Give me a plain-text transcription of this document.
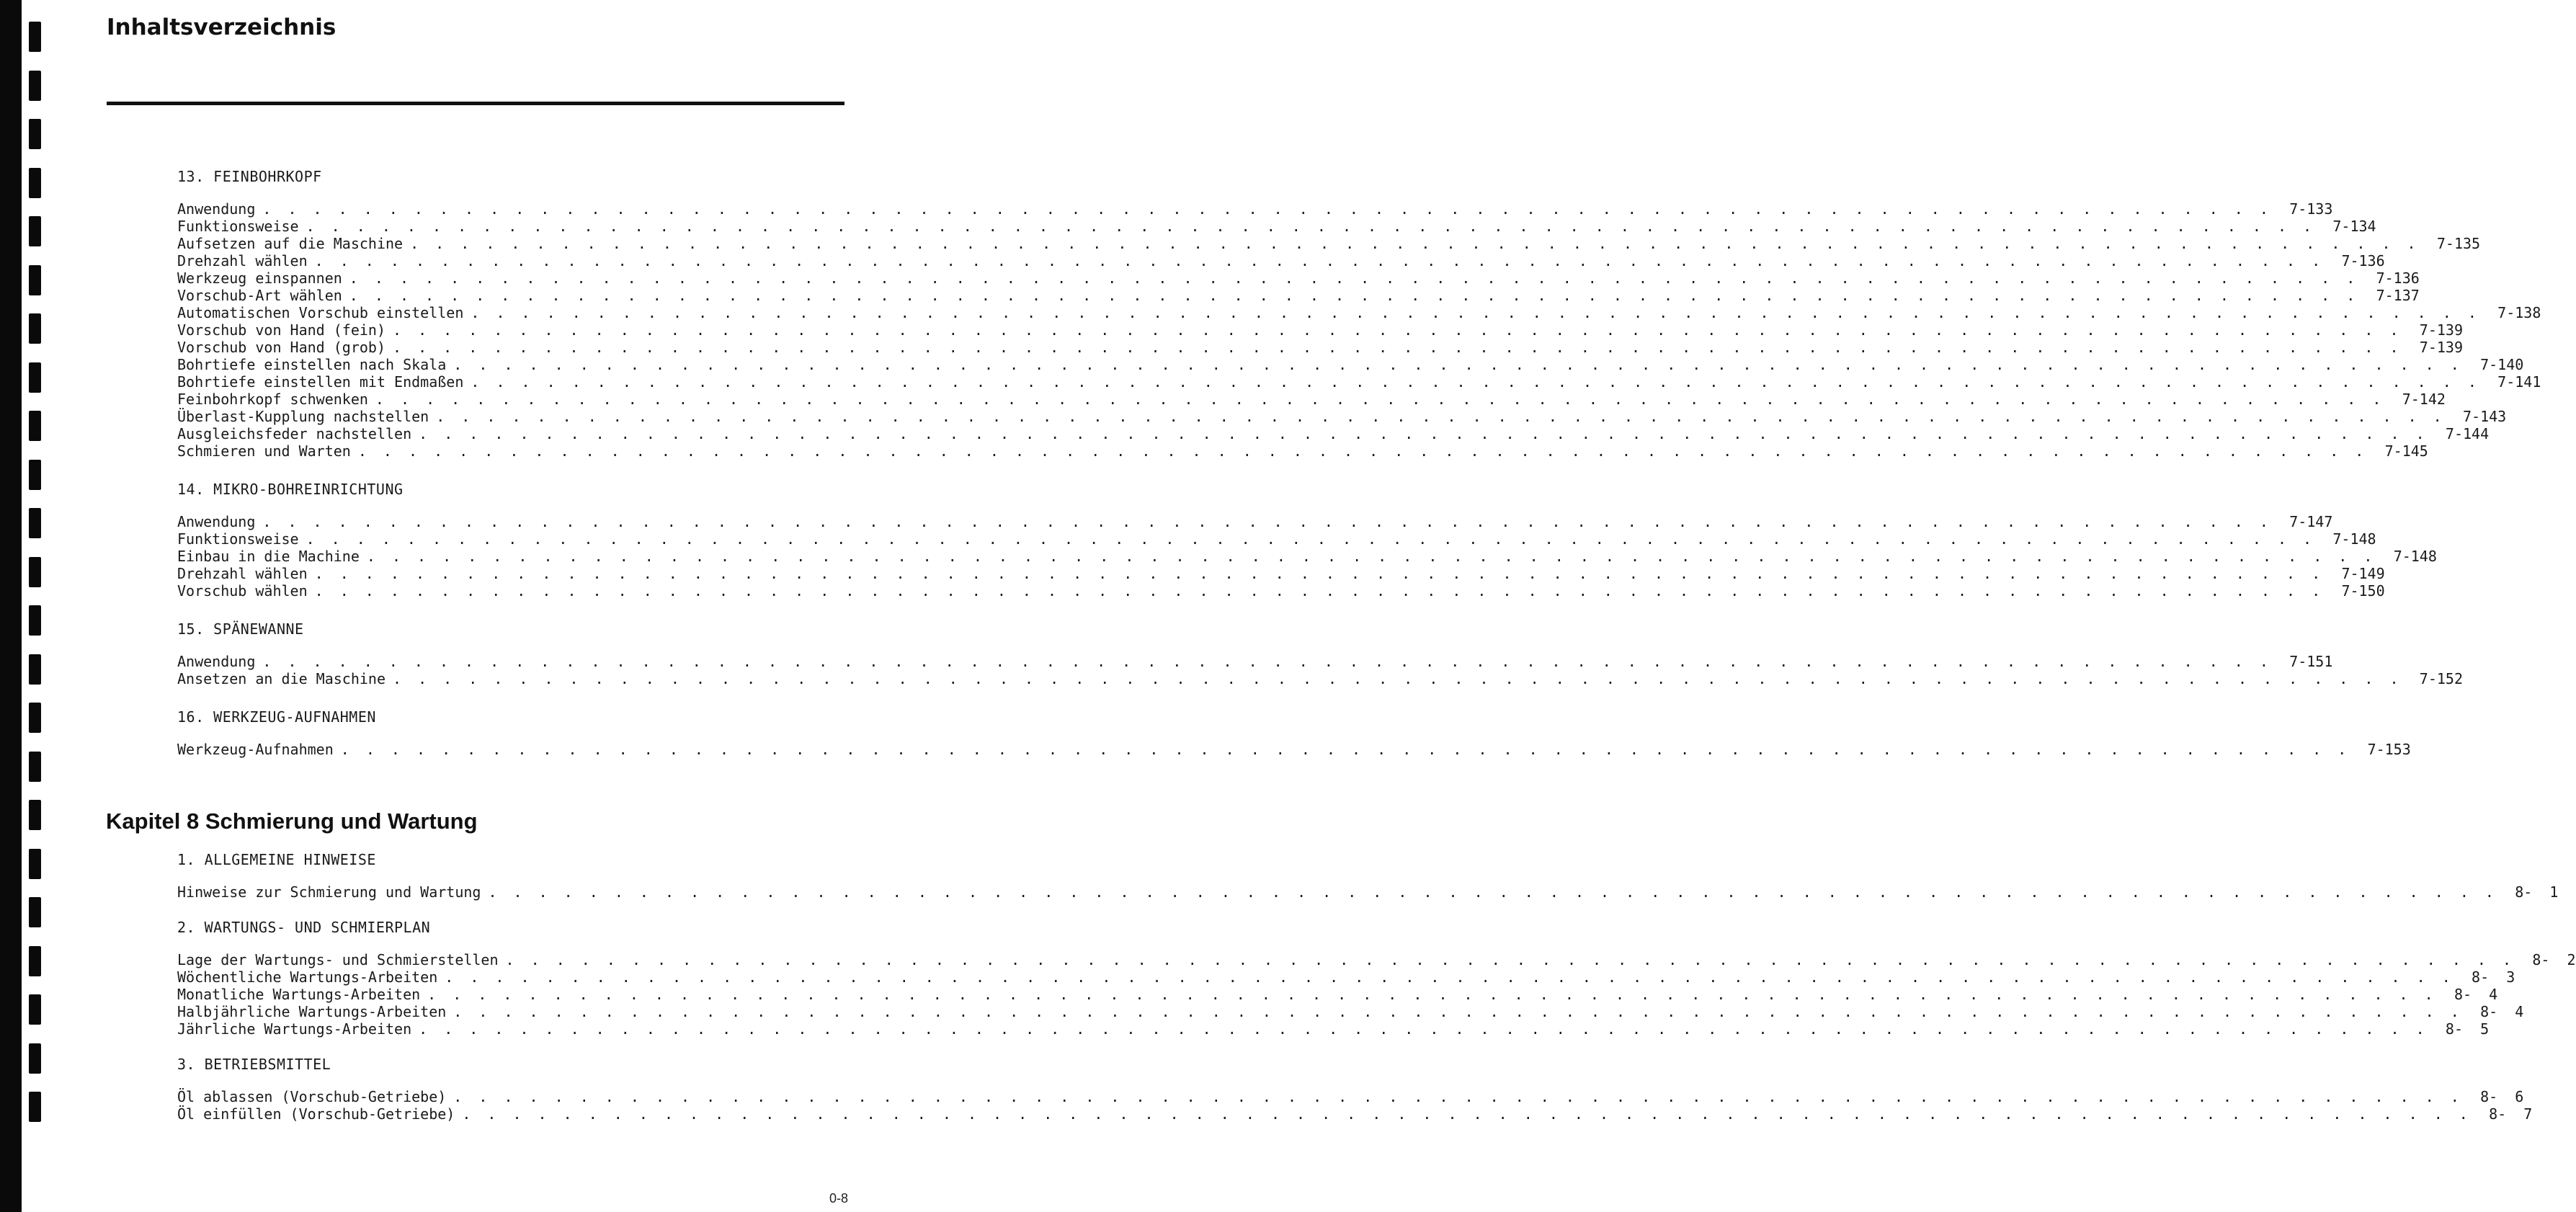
Inhaltsverzeichnis
13. FEINBOHRKOPF
Anwendung . . . . . . . . . . . . . . . . . . . . . . . . . . . . . . . . . . . . . . . . . . . . . . . . . . . . . . . . . . . . . . . . . . . . . . . . . . . . . . . .	7-133
Funktionsweise . . . . . . . . . . . . . . . . . . . . . . . . . . . . . . . . . . . . . . . . . . . . . . . . . . . . . . . . . . . . . . . . . . . . . . . . . . . . . . . .	7-134
Aufsetzen auf die Maschine . . . . . . . . . . . . . . . . . . . . . . . . . . . . . . . . . . . . . . . . . . . . . . . . . . . . . . . . . . . . . . . . . . . . . . . . . . . . . . . .	7-135
Drehzahl wählen . . . . . . . . . . . . . . . . . . . . . . . . . . . . . . . . . . . . . . . . . . . . . . . . . . . . . . . . . . . . . . . . . . . . . . . . . . . . . . . .	7-136
Werkzeug einspannen . . . . . . . . . . . . . . . . . . . . . . . . . . . . . . . . . . . . . . . . . . . . . . . . . . . . . . . . . . . . . . . . . . . . . . . . . . . . . . . .	7-136
Vorschub-Art wählen . . . . . . . . . . . . . . . . . . . . . . . . . . . . . . . . . . . . . . . . . . . . . . . . . . . . . . . . . . . . . . . . . . . . . . . . . . . . . . . .	7-137
Automatischen Vorschub einstellen . . . . . . . . . . . . . . . . . . . . . . . . . . . . . . . . . . . . . . . . . . . . . . . . . . . . . . . . . . . . . . . . . . . . . . . . . . . . . . . .	7-138
Vorschub von Hand (fein) . . . . . . . . . . . . . . . . . . . . . . . . . . . . . . . . . . . . . . . . . . . . . . . . . . . . . . . . . . . . . . . . . . . . . . . . . . . . . . . .	7-139
Vorschub von Hand (grob) . . . . . . . . . . . . . . . . . . . . . . . . . . . . . . . . . . . . . . . . . . . . . . . . . . . . . . . . . . . . . . . . . . . . . . . . . . . . . . . .	7-139
Bohrtiefe einstellen nach Skala . . . . . . . . . . . . . . . . . . . . . . . . . . . . . . . . . . . . . . . . . . . . . . . . . . . . . . . . . . . . . . . . . . . . . . . . . . . . . . . .	7-140
Bohrtiefe einstellen mit Endmaßen . . . . . . . . . . . . . . . . . . . . . . . . . . . . . . . . . . . . . . . . . . . . . . . . . . . . . . . . . . . . . . . . . . . . . . . . . . . . . . . .	7-141
Feinbohrkopf schwenken . . . . . . . . . . . . . . . . . . . . . . . . . . . . . . . . . . . . . . . . . . . . . . . . . . . . . . . . . . . . . . . . . . . . . . . . . . . . . . . .	7-142
Überlast-Kupplung nachstellen . . . . . . . . . . . . . . . . . . . . . . . . . . . . . . . . . . . . . . . . . . . . . . . . . . . . . . . . . . . . . . . . . . . . . . . . . . . . . . . .	7-143
Ausgleichsfeder nachstellen . . . . . . . . . . . . . . . . . . . . . . . . . . . . . . . . . . . . . . . . . . . . . . . . . . . . . . . . . . . . . . . . . . . . . . . . . . . . . . . .	7-144
Schmieren und Warten . . . . . . . . . . . . . . . . . . . . . . . . . . . . . . . . . . . . . . . . . . . . . . . . . . . . . . . . . . . . . . . . . . . . . . . . . . . . . . . .	7-145
14. MIKRO-BOHREINRICHTUNG
Anwendung . . . . . . . . . . . . . . . . . . . . . . . . . . . . . . . . . . . . . . . . . . . . . . . . . . . . . . . . . . . . . . . . . . . . . . . . . . . . . . . .	7-147
Funktionsweise . . . . . . . . . . . . . . . . . . . . . . . . . . . . . . . . . . . . . . . . . . . . . . . . . . . . . . . . . . . . . . . . . . . . . . . . . . . . . . . .	7-148
Einbau in die Machine . . . . . . . . . . . . . . . . . . . . . . . . . . . . . . . . . . . . . . . . . . . . . . . . . . . . . . . . . . . . . . . . . . . . . . . . . . . . . . . .	7-148
Drehzahl wählen . . . . . . . . . . . . . . . . . . . . . . . . . . . . . . . . . . . . . . . . . . . . . . . . . . . . . . . . . . . . . . . . . . . . . . . . . . . . . . . .	7-149
Vorschub wählen . . . . . . . . . . . . . . . . . . . . . . . . . . . . . . . . . . . . . . . . . . . . . . . . . . . . . . . . . . . . . . . . . . . . . . . . . . . . . . . .	7-150
15. SPÄNEWANNE
Anwendung . . . . . . . . . . . . . . . . . . . . . . . . . . . . . . . . . . . . . . . . . . . . . . . . . . . . . . . . . . . . . . . . . . . . . . . . . . . . . . . .	7-151
Ansetzen an die Maschine . . . . . . . . . . . . . . . . . . . . . . . . . . . . . . . . . . . . . . . . . . . . . . . . . . . . . . . . . . . . . . . . . . . . . . . . . . . . . . . .	7-152
16. WERKZEUG-AUFNAHMEN
Werkzeug-Aufnahmen . . . . . . . . . . . . . . . . . . . . . . . . . . . . . . . . . . . . . . . . . . . . . . . . . . . . . . . . . . . . . . . . . . . . . . . . . . . . . . . .	7-153
Kapitel 8 Schmierung und Wartung
1. ALLGEMEINE HINWEISE
Hinweise zur Schmierung und Wartung . . . . . . . . . . . . . . . . . . . . . . . . . . . . . . . . . . . . . . . . . . . . . . . . . . . . . . . . . . . . . . . . . . . . . . . . . . . . . . . .	8-  1
2. WARTUNGS- UND SCHMIERPLAN
Lage der Wartungs- und Schmierstellen . . . . . . . . . . . . . . . . . . . . . . . . . . . . . . . . . . . . . . . . . . . . . . . . . . . . . . . . . . . . . . . . . . . . . . . . . . . . . . . .	8-  2
Wöchentliche Wartungs-Arbeiten . . . . . . . . . . . . . . . . . . . . . . . . . . . . . . . . . . . . . . . . . . . . . . . . . . . . . . . . . . . . . . . . . . . . . . . . . . . . . . . .	8-  3
Monatliche Wartungs-Arbeiten . . . . . . . . . . . . . . . . . . . . . . . . . . . . . . . . . . . . . . . . . . . . . . . . . . . . . . . . . . . . . . . . . . . . . . . . . . . . . . . .	8-  4
Halbjährliche Wartungs-Arbeiten . . . . . . . . . . . . . . . . . . . . . . . . . . . . . . . . . . . . . . . . . . . . . . . . . . . . . . . . . . . . . . . . . . . . . . . . . . . . . . . .	8-  4
Jährliche Wartungs-Arbeiten . . . . . . . . . . . . . . . . . . . . . . . . . . . . . . . . . . . . . . . . . . . . . . . . . . . . . . . . . . . . . . . . . . . . . . . . . . . . . . . .	8-  5
3. BETRIEBSMITTEL
Öl ablassen (Vorschub-Getriebe) . . . . . . . . . . . . . . . . . . . . . . . . . . . . . . . . . . . . . . . . . . . . . . . . . . . . . . . . . . . . . . . . . . . . . . . . . . . . . . . .	8-  6
Öl einfüllen (Vorschub-Getriebe) . . . . . . . . . . . . . . . . . . . . . . . . . . . . . . . . . . . . . . . . . . . . . . . . . . . . . . . . . . . . . . . . . . . . . . . . . . . . . . . .	8-  7
0-8
